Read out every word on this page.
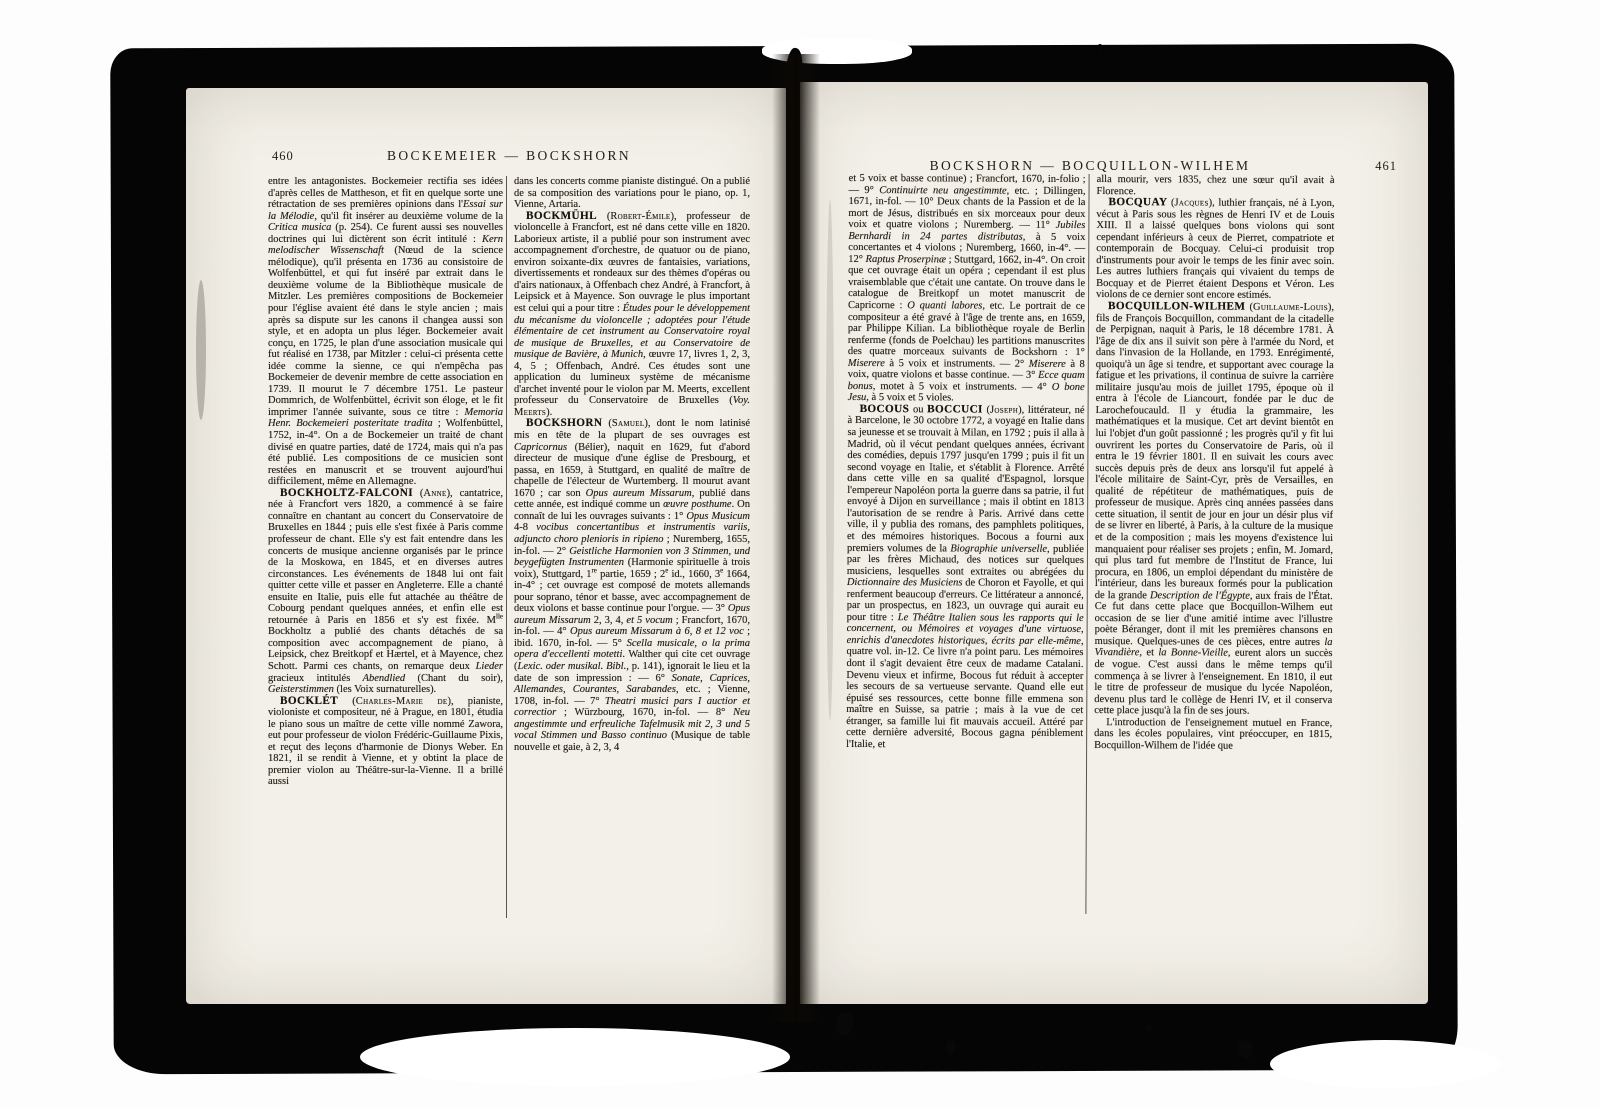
460	BOCKEMEIER — BOCKSHORN

entre les antagonistes. Bockemeier rectifia ses idées d'après celles de Mattheson, et fit en quelque sorte une rétractation de ses premières opinions dans l'Essai sur la Mélodie, qu'il fit insérer au deuxième volume de la Critica musica (p. 254). Ce furent aussi ses nouvelles doctrines qui lui dictèrent son écrit intitulé : Kern melodischer Wissenschaft (Nœud de la science mélodique), qu'il présenta en 1736 au consistoire de Wolfenbüttel, et qui fut inséré par extrait dans le deuxième volume de la Bibliothèque musicale de Mitzler. Les premières compositions de Bockemeier pour l'église avaient été dans le style ancien ; mais après sa dispute sur les canons il changea aussi son style, et en adopta un plus léger. Bockemeier avait conçu, en 1725, le plan d'une association musicale qui fut réalisé en 1738, par Mitzler : celui-ci présenta cette idée comme la sienne, ce qui n'empêcha pas Bockemeier de devenir membre de cette association en 1739. Il mourut le 7 décembre 1751. Le pasteur Dommrich, de Wolfenbüttel, écrivit son éloge, et le fit imprimer l'année suivante, sous ce titre : Memoria Henr. Bockemeieri posteritate tradita ; Wolfenbüttel, 1752, in-4°. On a de Bockemeier un traité de chant divisé en quatre parties, daté de 1724, mais qui n'a pas été publié. Les compositions de ce musicien sont restées en manuscrit et se trouvent aujourd'hui difficilement, même en Allemagne.

BOCKHOLTZ-FALCONI (Anne), cantatrice, née à Francfort vers 1820, a commencé à se faire connaître en chantant au concert du Conservatoire de Bruxelles en 1844 ; puis elle s'est fixée à Paris comme professeur de chant. Elle s'y est fait entendre dans les concerts de musique ancienne organisés par le prince de la Moskowa, en 1845, et en diverses autres circonstances. Les événements de 1848 lui ont fait quitter cette ville et passer en Angleterre. Elle a chanté ensuite en Italie, puis elle fut attachée au théâtre de Cobourg pendant quelques années, et enfin elle est retournée à Paris en 1856 et s'y est fixée. $M^{lle}$ Bockholtz a publié des chants détachés de sa composition avec accompagnement de piano, à Leipsick, chez Breitkopf et Hærtel, et à Mayence, chez Schott. Parmi ces chants, on remarque deux Lieder gracieux intitulés Abendlied (Chant du soir), Geisterstimmen (les Voix surnaturelles).

BOCKLÉT (Charles-Marie de), pianiste, violoniste et compositeur, né à Prague, en 1801, étudia le piano sous un maître de cette ville nommé Zawora, eut pour professeur de violon Frédéric-Guillaume Pixis, et reçut des leçons d'harmonie de Dionys Weber. En 1821, il se rendit à Vienne, et y obtint la place de premier violon au Théâtre-sur-la-Vienne. Il a brillé aussi

dans les concerts comme pianiste distingué. On a publié de sa composition des variations pour le piano, op. 1, Vienne, Artaria.

BOCKMÜHL (Robert-Émile), professeur de violoncelle à Francfort, est né dans cette ville en 1820. Laborieux artiste, il a publié pour son instrument avec accompagnement d'orchestre, de quatuor ou de piano, environ soixante-dix œuvres de fantaisies, variations, divertissements et rondeaux sur des thèmes d'opéras ou d'airs nationaux, à Offenbach chez André, à Francfort, à Leipsick et à Mayence. Son ouvrage le plus important est celui qui a pour titre : Études pour le développement du mécanisme du violoncelle ; adoptées pour l'étude élémentaire de cet instrument au Conservatoire royal de musique de Bruxelles, et au Conservatoire de musique de Bavière, à Munich, œuvre 17, livres 1, 2, 3, 4, 5 ; Offenbach, André. Ces études sont une application du lumineux système de mécanisme d'archet inventé pour le violon par M. Meerts, excellent professeur du Conservatoire de Bruxelles (Voy. Meerts).

BOCKSHORN (Samuel), dont le nom latinisé mis en tête de la plupart de ses ouvrages est Capricornus (Bélier), naquit en 1629, fut d'abord directeur de musique d'une église de Presbourg, et passa, en 1659, à Stuttgard, en qualité de maître de chapelle de l'électeur de Wurtemberg. Il mourut avant 1670 ; car son Opus aureum Missarum, publié dans cette année, est indiqué comme un œuvre posthume. On connaît de lui les ouvrages suivants : 1° Opus Musicum 4-8 vocibus concertantibus et instrumentis variis, adjuncto choro plenioris in ripieno ; Nuremberg, 1655, in-fol. — 2° Geistliche Harmonien von 3 Stimmen, und beygefügten Instrumenten (Harmonie spirituelle à trois voix), Stuttgard, 1re partie, 1659 ; 2e id., 1660, 3e 1664, in-4° ; cet ouvrage est composé de motets allemands pour soprano, ténor et basse, avec accompagnement de deux violons et basse continue pour l'orgue. — 3° Opus aureum Missarum 2, 3, 4, et 5 vocum ; Francfort, 1670, in-fol. — 4° Opus aureum Missarum à 6, 8 et 12 voc ; ibid. 1670, in-fol. — 5° Scella musicale, o la prima opera d'eccellenti motetti. Walther qui cite cet ouvrage (Lexic. oder musikal. Bibl., p. 141), ignorait le lieu et la date de son impression : — 6° Sonate, Caprices, Allemandes, Courantes, Sarabandes, etc. ; Vienne, 1708, in-fol. — 7° Theatri musici pars I auctior et correctior ; Würzbourg, 1670, in-fol. — 8° Neu angestimmte und erfreuliche Tafelmusik mit 2, 3 und 5 vocal Stimmen und Basso continuo (Musique de table nouvelle et gaie, à 2, 3, 4

BOCKSHORN — BOCQUILLON-WILHEM	461

et 5 voix et basse continue) ; Francfort, 1670, in-folio ; — 9° Continuirte neu angestimmte, etc. ; Dillingen, 1671, in-fol. — 10° Deux chants de la Passion et de la mort de Jésus, distribués en six morceaux pour deux voix et quatre violons ; Nuremberg. — 11° Jubiles Bernhardi in 24 partes distributas, à 5 voix concertantes et 4 violons ; Nuremberg, 1660, in-4°. — 12° Raptus Proserpinæ ; Stuttgard, 1662, in-4°. On croit que cet ouvrage était un opéra ; cependant il est plus vraisemblable que c'était une cantate. On trouve dans le catalogue de Breitkopf un motet manuscrit de Capricorne : O quanti labores, etc. Le portrait de ce compositeur a été gravé à l'âge de trente ans, en 1659, par Philippe Kilian. La bibliothèque royale de Berlin renferme (fonds de Poelchau) les partitions manuscrites des quatre morceaux suivants de Bockshorn : 1° Miserere à 5 voix et instruments. — 2° Miserere à 8 voix, quatre violons et basse continue. — 3° Ecce quam bonus, motet à 5 voix et instruments. — 4° O bone Jesu, à 5 voix et 5 violes.

BOCOUS ou BOCCUCI (Joseph), littérateur, né à Barcelone, le 30 octobre 1772, a voyagé en Italie dans sa jeunesse et se trouvait à Milan, en 1792 ; puis il alla à Madrid, où il vécut pendant quelques années, écrivant des comédies, depuis 1797 jusqu'en 1799 ; puis il fit un second voyage en Italie, et s'établit à Florence. Arrêté dans cette ville en sa qualité d'Espagnol, lorsque l'empereur Napoléon porta la guerre dans sa patrie, il fut envoyé à Dijon en surveillance ; mais il obtint en 1813 l'autorisation de se rendre à Paris. Arrivé dans cette ville, il y publia des romans, des pamphlets politiques, et des mémoires historiques. Bocous a fourni aux premiers volumes de la Biographie universelle, publiée par les frères Michaud, des notices sur quelques musiciens, lesquelles sont extraites ou abrégées du Dictionnaire des Musiciens de Choron et Fayolle, et qui renferment beaucoup d'erreurs. Ce littérateur a annoncé, par un prospectus, en 1823, un ouvrage qui aurait eu pour titre : Le Théâtre Italien sous les rapports qui le concernent, ou Mémoires et voyages d'une virtuose, enrichis d'anecdotes historiques, écrits par elle-même, quatre vol. in-12. Ce livre n'a point paru. Les mémoires dont il s'agit devaient être ceux de madame Catalani. Devenu vieux et infirme, Bocous fut réduit à accepter les secours de sa vertueuse servante. Quand elle eut épuisé ses ressources, cette bonne fille emmena son maître en Suisse, sa patrie ; mais à la vue de cet étranger, sa famille lui fit mauvais accueil. Attéré par cette dernière adversité, Bocous gagna péniblement l'Italie, et

alla mourir, vers 1835, chez une sœur qu'il avait à Florence.

BOCQUAY (Jacques), luthier français, né à Lyon, vécut à Paris sous les règnes de Henri IV et de Louis XIII. Il a laissé quelques bons violons qui sont cependant inférieurs à ceux de Pierret, compatriote et contemporain de Bocquay. Celui-ci produisit trop d'instruments pour avoir le temps de les finir avec soin. Les autres luthiers français qui vivaient du temps de Bocquay et de Pierret étaient Despons et Véron. Les violons de ce dernier sont encore estimés.

BOCQUILLON-WILHEM (Guillaume-Louis), fils de François Bocquillon, commandant de la citadelle de Perpignan, naquit à Paris, le 18 décembre 1781. À l'âge de dix ans il suivit son père à l'armée du Nord, et dans l'invasion de la Hollande, en 1793. Enrégimenté, quoiqu'à un âge si tendre, et supportant avec courage la fatigue et les privations, il continua de suivre la carrière militaire jusqu'au mois de juillet 1795, époque où il entra à l'école de Liancourt, fondée par le duc de Larochefoucauld. Il y étudia la grammaire, les mathématiques et la musique. Cet art devint bientôt en lui l'objet d'un goût passionné ; les progrès qu'il y fit lui ouvrirent les portes du Conservatoire de Paris, où il entra le 19 février 1801. Il en suivait les cours avec succès depuis près de deux ans lorsqu'il fut appelé à l'école militaire de Saint-Cyr, près de Versailles, en qualité de répétiteur de mathématiques, puis de professeur de musique. Après cinq années passées dans cette situation, il sentit de jour en jour un désir plus vif de se livrer en liberté, à Paris, à la culture de la musique et de la composition ; mais les moyens d'existence lui manquaient pour réaliser ses projets ; enfin, M. Jomard, qui plus tard fut membre de l'Institut de France, lui procura, en 1806, un emploi dépendant du ministère de l'intérieur, dans les bureaux formés pour la publication de la grande Description de l'Égypte, aux frais de l'État. Ce fut dans cette place que Bocquillon-Wilhem eut occasion de se lier d'une amitié intime avec l'illustre poète Béranger, dont il mit les premières chansons en musique. Quelques-unes de ces pièces, entre autres la Vivandière, et la Bonne-Vieille, eurent alors un succès de vogue. C'est aussi dans le même temps qu'il commença à se livrer à l'enseignement. En 1810, il eut le titre de professeur de musique du lycée Napoléon, devenu plus tard le collège de Henri IV, et il conserva cette place jusqu'à la fin de ses jours.

L'introduction de l'enseignement mutuel en France, dans les écoles populaires, vint préoccuper, en 1815, Bocquillon-Wilhem de l'idée que
